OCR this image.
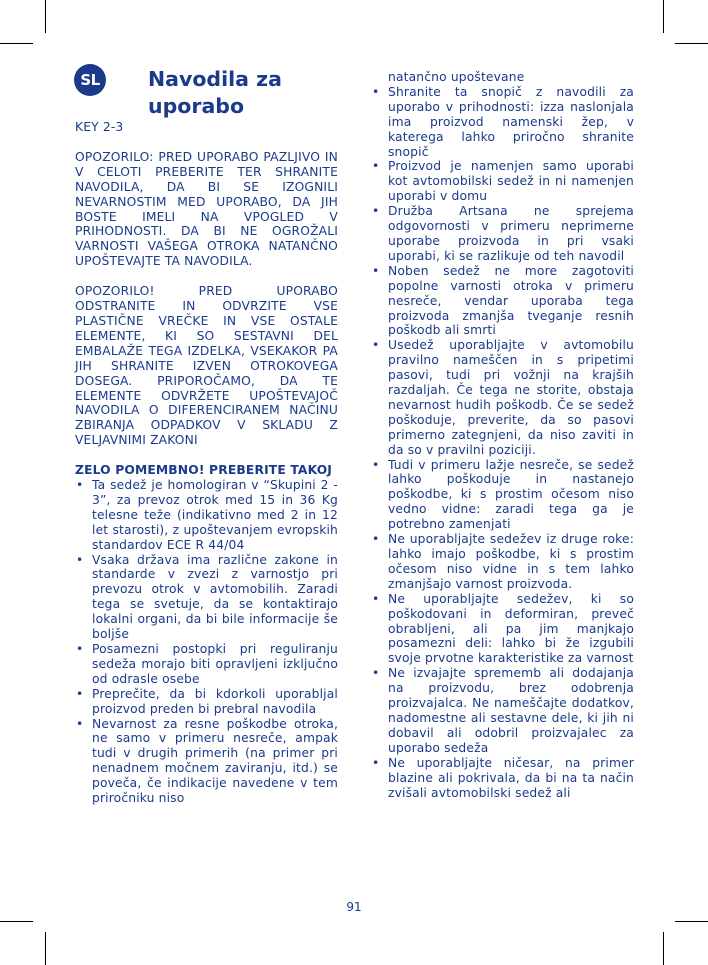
SL	Navodila za uporabo

KEY 2-3

OPOZORILO: PRED UPORABO PAZLJIVO IN V CELOTI PREBERITE TER SHRANITE NAVODILA, DA BI SE IZOGNILI NEVARNOSTIM MED UPORABO, DA JIH BOSTE IMELI NA VPOGLED V PRIHODNOSTI. DA BI NE OGROŽALI VARNOSTI VAŠEGA OTROKA NATANČNO UPOŠTEVAJTE TA NAVODILA.

OPOZORILO! PRED UPORABO ODSTRANITE IN ODVRZITE VSE PLASTIČNE VREČKE IN VSE OSTALE ELEMENTE, KI SO SESTAVNI DEL EMBALAŽE TEGA IZDELKA, VSEKAKOR PA JIH SHRANITE IZVEN OTROKOVEGA DOSEGA. PRIPOROČAMO, DA TE ELEMENTE ODVRŽETE UPOŠTEVAJOČ NAVODILA O DIFERENCIRANEM NAČINU ZBIRANJA ODPADKOV V SKLADU Z VELJAVNIMI ZAKONI

ZELO POMEMBNO! PREBERITE TAKOJ

• Ta sedež je homologiran v “Skupini 2 - 3”, za prevoz otrok med 15 in 36 Kg telesne teže (indikativno med 2 in 12 let starosti), z upoštevanjem evropskih standardov ECE R 44/04
• Vsaka država ima različne zakone in standarde v zvezi z varnostjo pri prevozu otrok v avtomobilih. Zaradi tega se svetuje, da se kontaktirajo lokalni organi, da bi bile informacije še boljše
• Posamezni postopki pri reguliranju sedeža morajo biti opravljeni izključno od odrasle osebe
• Preprečite, da bi kdorkoli uporabljal proizvod preden bi prebral navodila
• Nevarnost za resne poškodbe otroka, ne samo v primeru nesreče, ampak tudi v drugih primerih (na primer pri nenadnem močnem zaviranju, itd.) se poveča, če indikacije navedene v tem priročniku niso

natančno upoštevane

• Shranite ta snopič z navodili za uporabo v prihodnosti: izza naslonjala ima proizvod namenski žep, v katerega lahko priročno shranite snopič
• Proizvod je namenjen samo uporabi kot avtomobilski sedež in ni namenjen uporabi v domu
• Družba Artsana ne sprejema odgovornosti v primeru neprimerne uporabe proizvoda in pri vsaki uporabi, ki se razlikuje od teh navodil
• Noben sedež ne more zagotoviti popolne varnosti otroka v primeru nesreče, vendar uporaba tega proizvoda zmanjša tveganje resnih poškodb ali smrti
• Usedež uporabljajte v avtomobilu pravilno nameščen in s pripetimi pasovi, tudi pri vožnji na krajših razdaljah. Če tega ne storite, obstaja nevarnost hudih poškodb. Če se sedež poškoduje, preverite, da so pasovi primerno zategnjeni, da niso zaviti in da so v pravilni poziciji.
• Tudi v primeru lažje nesreče, se sedež lahko poškoduje in nastanejo poškodbe, ki s prostim očesom niso vedno vidne: zaradi tega ga je potrebno zamenjati
• Ne uporabljajte sedežev iz druge roke: lahko imajo poškodbe, ki s prostim očesom niso vidne in s tem lahko zmanjšajo varnost proizvoda.
• Ne uporabljajte sedežev, ki so poškodovani in deformiran, preveč obrabljeni, ali pa jim manjkajo posamezni deli: lahko bi že izgubili svoje prvotne karakteristike za varnost
• Ne izvajajte sprememb ali dodajanja na proizvodu, brez odobrenja proizvajalca. Ne nameščajte dodatkov, nadomestne ali sestavne dele, ki jih ni dobavil ali odobril proizvajalec za uporabo sedeža
• Ne uporabljajte ničesar, na primer blazine ali pokrivala, da bi na ta način zvišali avtomobilski sedež ali
91
